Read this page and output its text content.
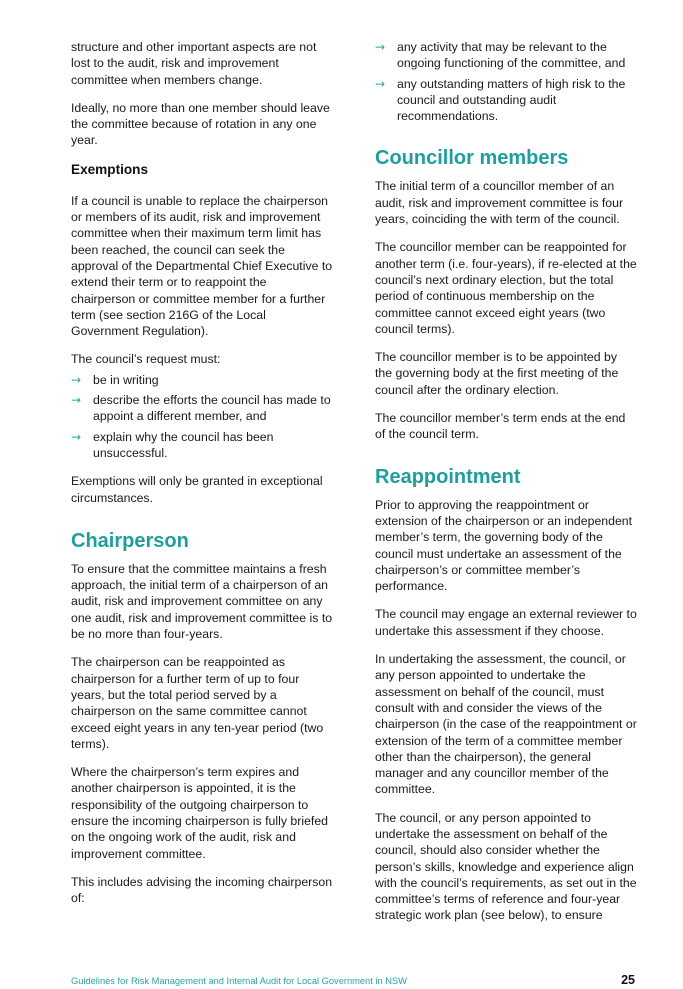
structure and other important aspects are not lost to the audit, risk and improvement committee when members change.

Ideally, no more than one member should leave the committee because of rotation in any one year.

Exemptions

If a council is unable to replace the chairperson or members of its audit, risk and improvement committee when their maximum term limit has been reached, the council can seek the approval of the Departmental Chief Executive to extend their term or to reappoint the chairperson or committee member for a further term (see section 216G of the Local Government Regulation).

The council’s request must:

→ be in writing
→ describe the efforts the council has made to appoint a different member, and
→ explain why the council has been unsuccessful.

Exemptions will only be granted in exceptional circumstances.

Chairperson

To ensure that the committee maintains a fresh approach, the initial term of a chairperson of an audit, risk and improvement committee on any one audit, risk and improvement committee is to be no more than four-years.

The chairperson can be reappointed as chairperson for a further term of up to four years, but the total period served by a chairperson on the same committee cannot exceed eight years in any ten-year period (two terms).

Where the chairperson’s term expires and another chairperson is appointed, it is the responsibility of the outgoing chairperson to ensure the incoming chairperson is fully briefed on the ongoing work of the audit, risk and improvement committee.

This includes advising the incoming chairperson of:

→ any activity that may be relevant to the ongoing functioning of the committee, and
→ any outstanding matters of high risk to the council and outstanding audit recommendations.
Councillor members

The initial term of a councillor member of an audit, risk and improvement committee is four years, coinciding the with term of the council.

The councillor member can be reappointed for another term (i.e. four-years), if re-elected at the council’s next ordinary election, but the total period of continuous membership on the committee cannot exceed eight years (two council terms).

The councillor member is to be appointed by the governing body at the first meeting of the council after the ordinary election.

The councillor member’s term ends at the end of the council term.

Reappointment

Prior to approving the reappointment or extension of the chairperson or an independent member’s term, the governing body of the council must undertake an assessment of the chairperson’s or committee member’s performance.

The council may engage an external reviewer to undertake this assessment if they choose.

In undertaking the assessment, the council, or any person appointed to undertake the assessment on behalf of the council, must consult with and consider the views of the chairperson (in the case of the reappointment or extension of the term of a committee member other than the chairperson), the general manager and any councillor member of the committee.

The council, or any person appointed to undertake the assessment on behalf of the council, should also consider whether the person’s skills, knowledge and experience align with the council’s requirements, as set out in the committee’s terms of reference and four-year strategic work plan (see below), to ensure

Guidelines for Risk Management and Internal Audit for Local Government in NSW	25
